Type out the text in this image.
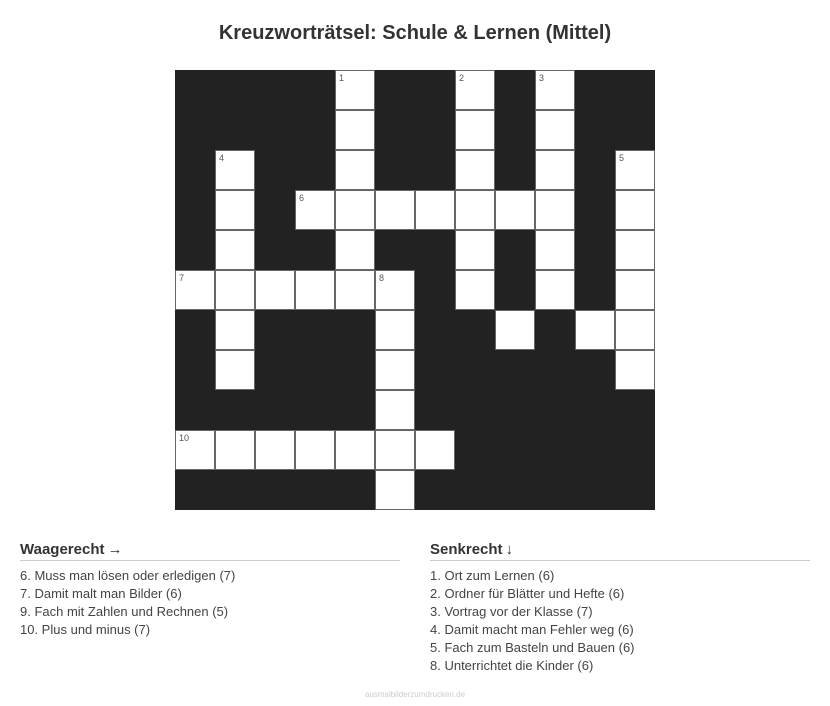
Kreuzworträtsel: Schule & Lernen (Mittel)
1	2	3
4	5
6
7	8
10
Waagerecht →
6. Muss man lösen oder erledigen (7)
7. Damit malt man Bilder (6)
9. Fach mit Zahlen und Rechnen (5)
10. Plus und minus (7)
Senkrecht ↓
1. Ort zum Lernen (6)
2. Ordner für Blätter und Hefte (6)
3. Vortrag vor der Klasse (7)
4. Damit macht man Fehler weg (6)
5. Fach zum Basteln und Bauen (6)
8. Unterrichtet die Kinder (6)
ausmalbilderzumdrucken.de
